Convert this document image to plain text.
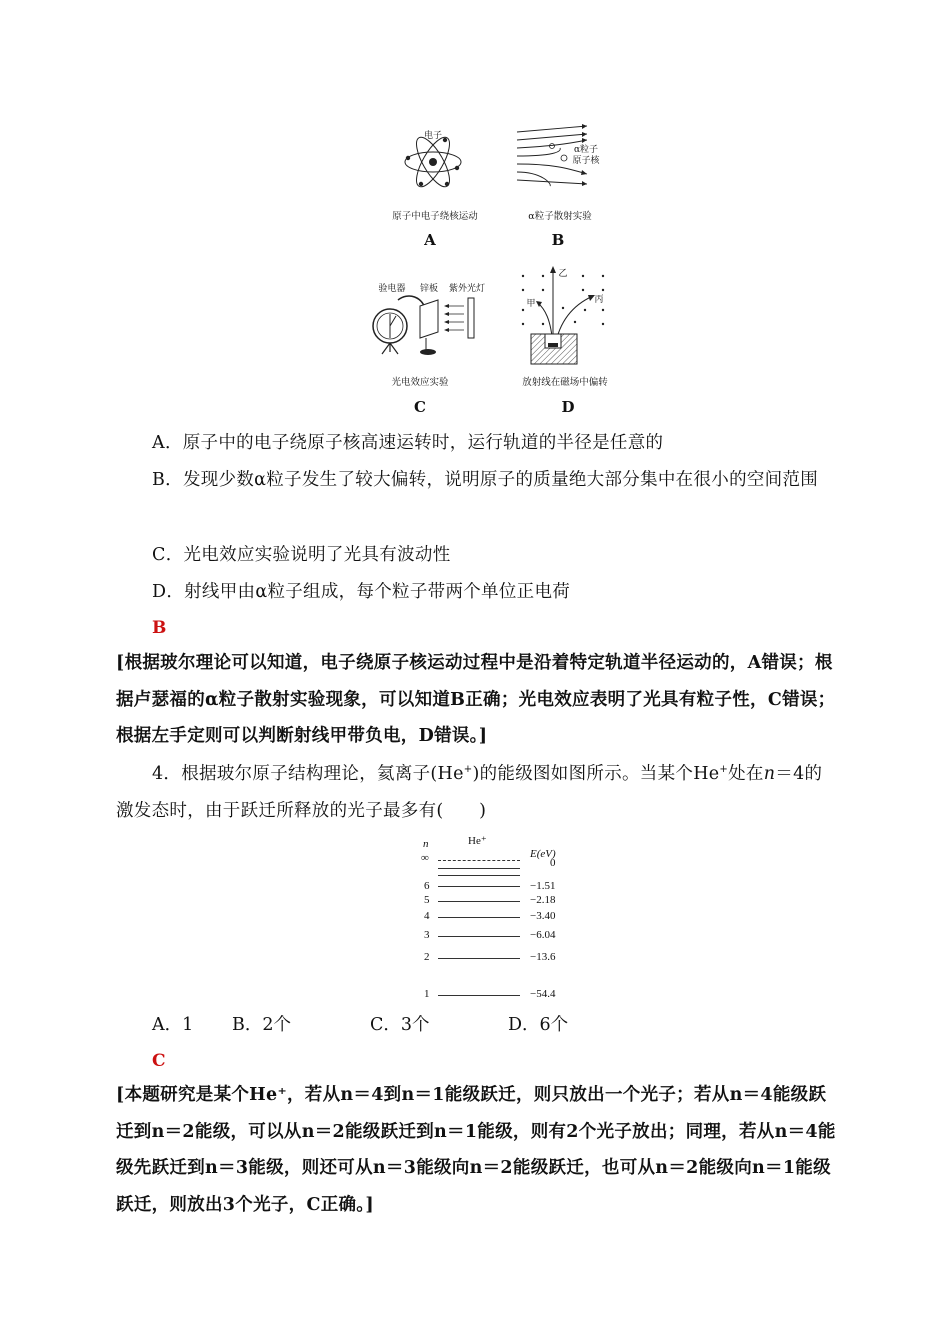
电子
原子中电子绕核运动
A
α粒子
原子核
α粒子散射实验
B
验电器	锌板	紫外光灯
光电效应实验
C
乙
甲	丙
放射线在磁场中偏转
D
A．原子中的电子绕原子核高速运转时，运行轨道的半径是任意的
B．发现少数α粒子发生了较大偏转，说明原子的质量绝大部分集中在很小的空间范围
C．光电效应实验说明了光具有波动性
D．射线甲由α粒子组成，每个粒子带两个单位正电荷
B
[根据玻尔理论可以知道，电子绕原子核运动过程中是沿着特定轨道半径运动的，A错误；根据卢瑟福的α粒子散射实验现象，可以知道B正确；光电效应表明了光具有粒子性，C错误；根据左手定则可以判断射线甲带负电，D错误。]
4．根据玻尔原子结构理论，氦离子(He+)的能级图如图所示。当某个He+处在n＝4的激发态时，由于跃迁所释放的光子最多有(　　)
He⁺
n
E(eV)
∞	0
6	−1.51
5	−2.18
4	−3.40
3	−6.04
2	−13.6
1	−54.4
A．1 B．2个	C．3个	D．6个
C
[本题研究是某个He⁺，若从n＝4到n＝1能级跃迁，则只放出一个光子；若从n＝4能级跃迁到n＝2能级，可以从n＝2能级跃迁到n＝1能级，则有2个光子放出；同理，若从n＝4能级先跃迁到n＝3能级，则还可从n＝3能级向n＝2能级跃迁，也可从n＝2能级向n＝1能级跃迁，则放出3个光子，C正确。]
